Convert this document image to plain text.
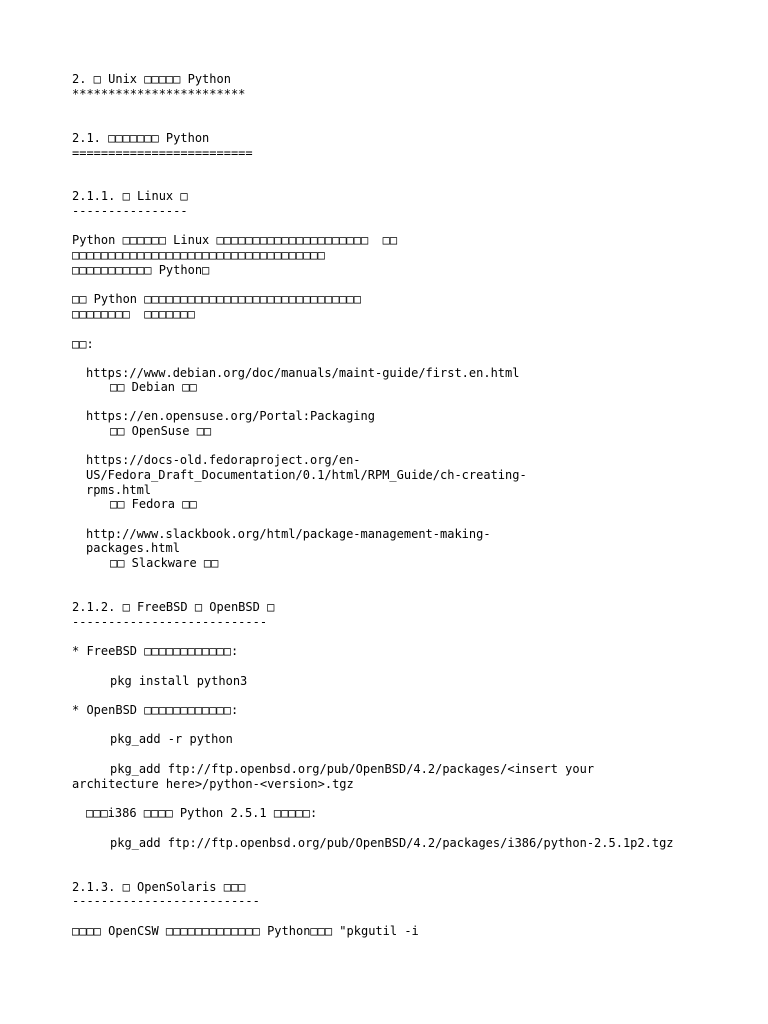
2. □ Unix □□□□□ Python
************************
2.1. □□□□□□□ Python
=========================
2.1.1. □ Linux □
----------------
Python □□□□□□ Linux □□□□□□□□□□□□□□□□□□□□□  □□
□□□□□□□□□□□□□□□□□□□□□□□□□□□□□□□□□□□
□□□□□□□□□□□ Python□
□□ Python □□□□□□□□□□□□□□□□□□□□□□□□□□□□□□
□□□□□□□□  □□□□□□□
□□:
https://www.debian.org/doc/manuals/maint-guide/first.en.html
□□ Debian □□
https://en.opensuse.org/Portal:Packaging
□□ OpenSuse □□
https://docs-old.fedoraproject.org/en-
US/Fedora_Draft_Documentation/0.1/html/RPM_Guide/ch-creating-
rpms.html
□□ Fedora □□
http://www.slackbook.org/html/package-management-making-
packages.html
□□ Slackware □□
2.1.2. □ FreeBSD □ OpenBSD □
---------------------------
* FreeBSD □□□□□□□□□□□□:
pkg install python3
* OpenBSD □□□□□□□□□□□□:
pkg_add -r python
pkg_add ftp://ftp.openbsd.org/pub/OpenBSD/4.2/packages/<insert your
architecture here>/python-<version>.tgz
□□□i386 □□□□ Python 2.5.1 □□□□□:
pkg_add ftp://ftp.openbsd.org/pub/OpenBSD/4.2/packages/i386/python-2.5.1p2.tgz
2.1.3. □ OpenSolaris □□□
--------------------------
□□□□ OpenCSW □□□□□□□□□□□□□ Python□□□ "pkgutil -i
